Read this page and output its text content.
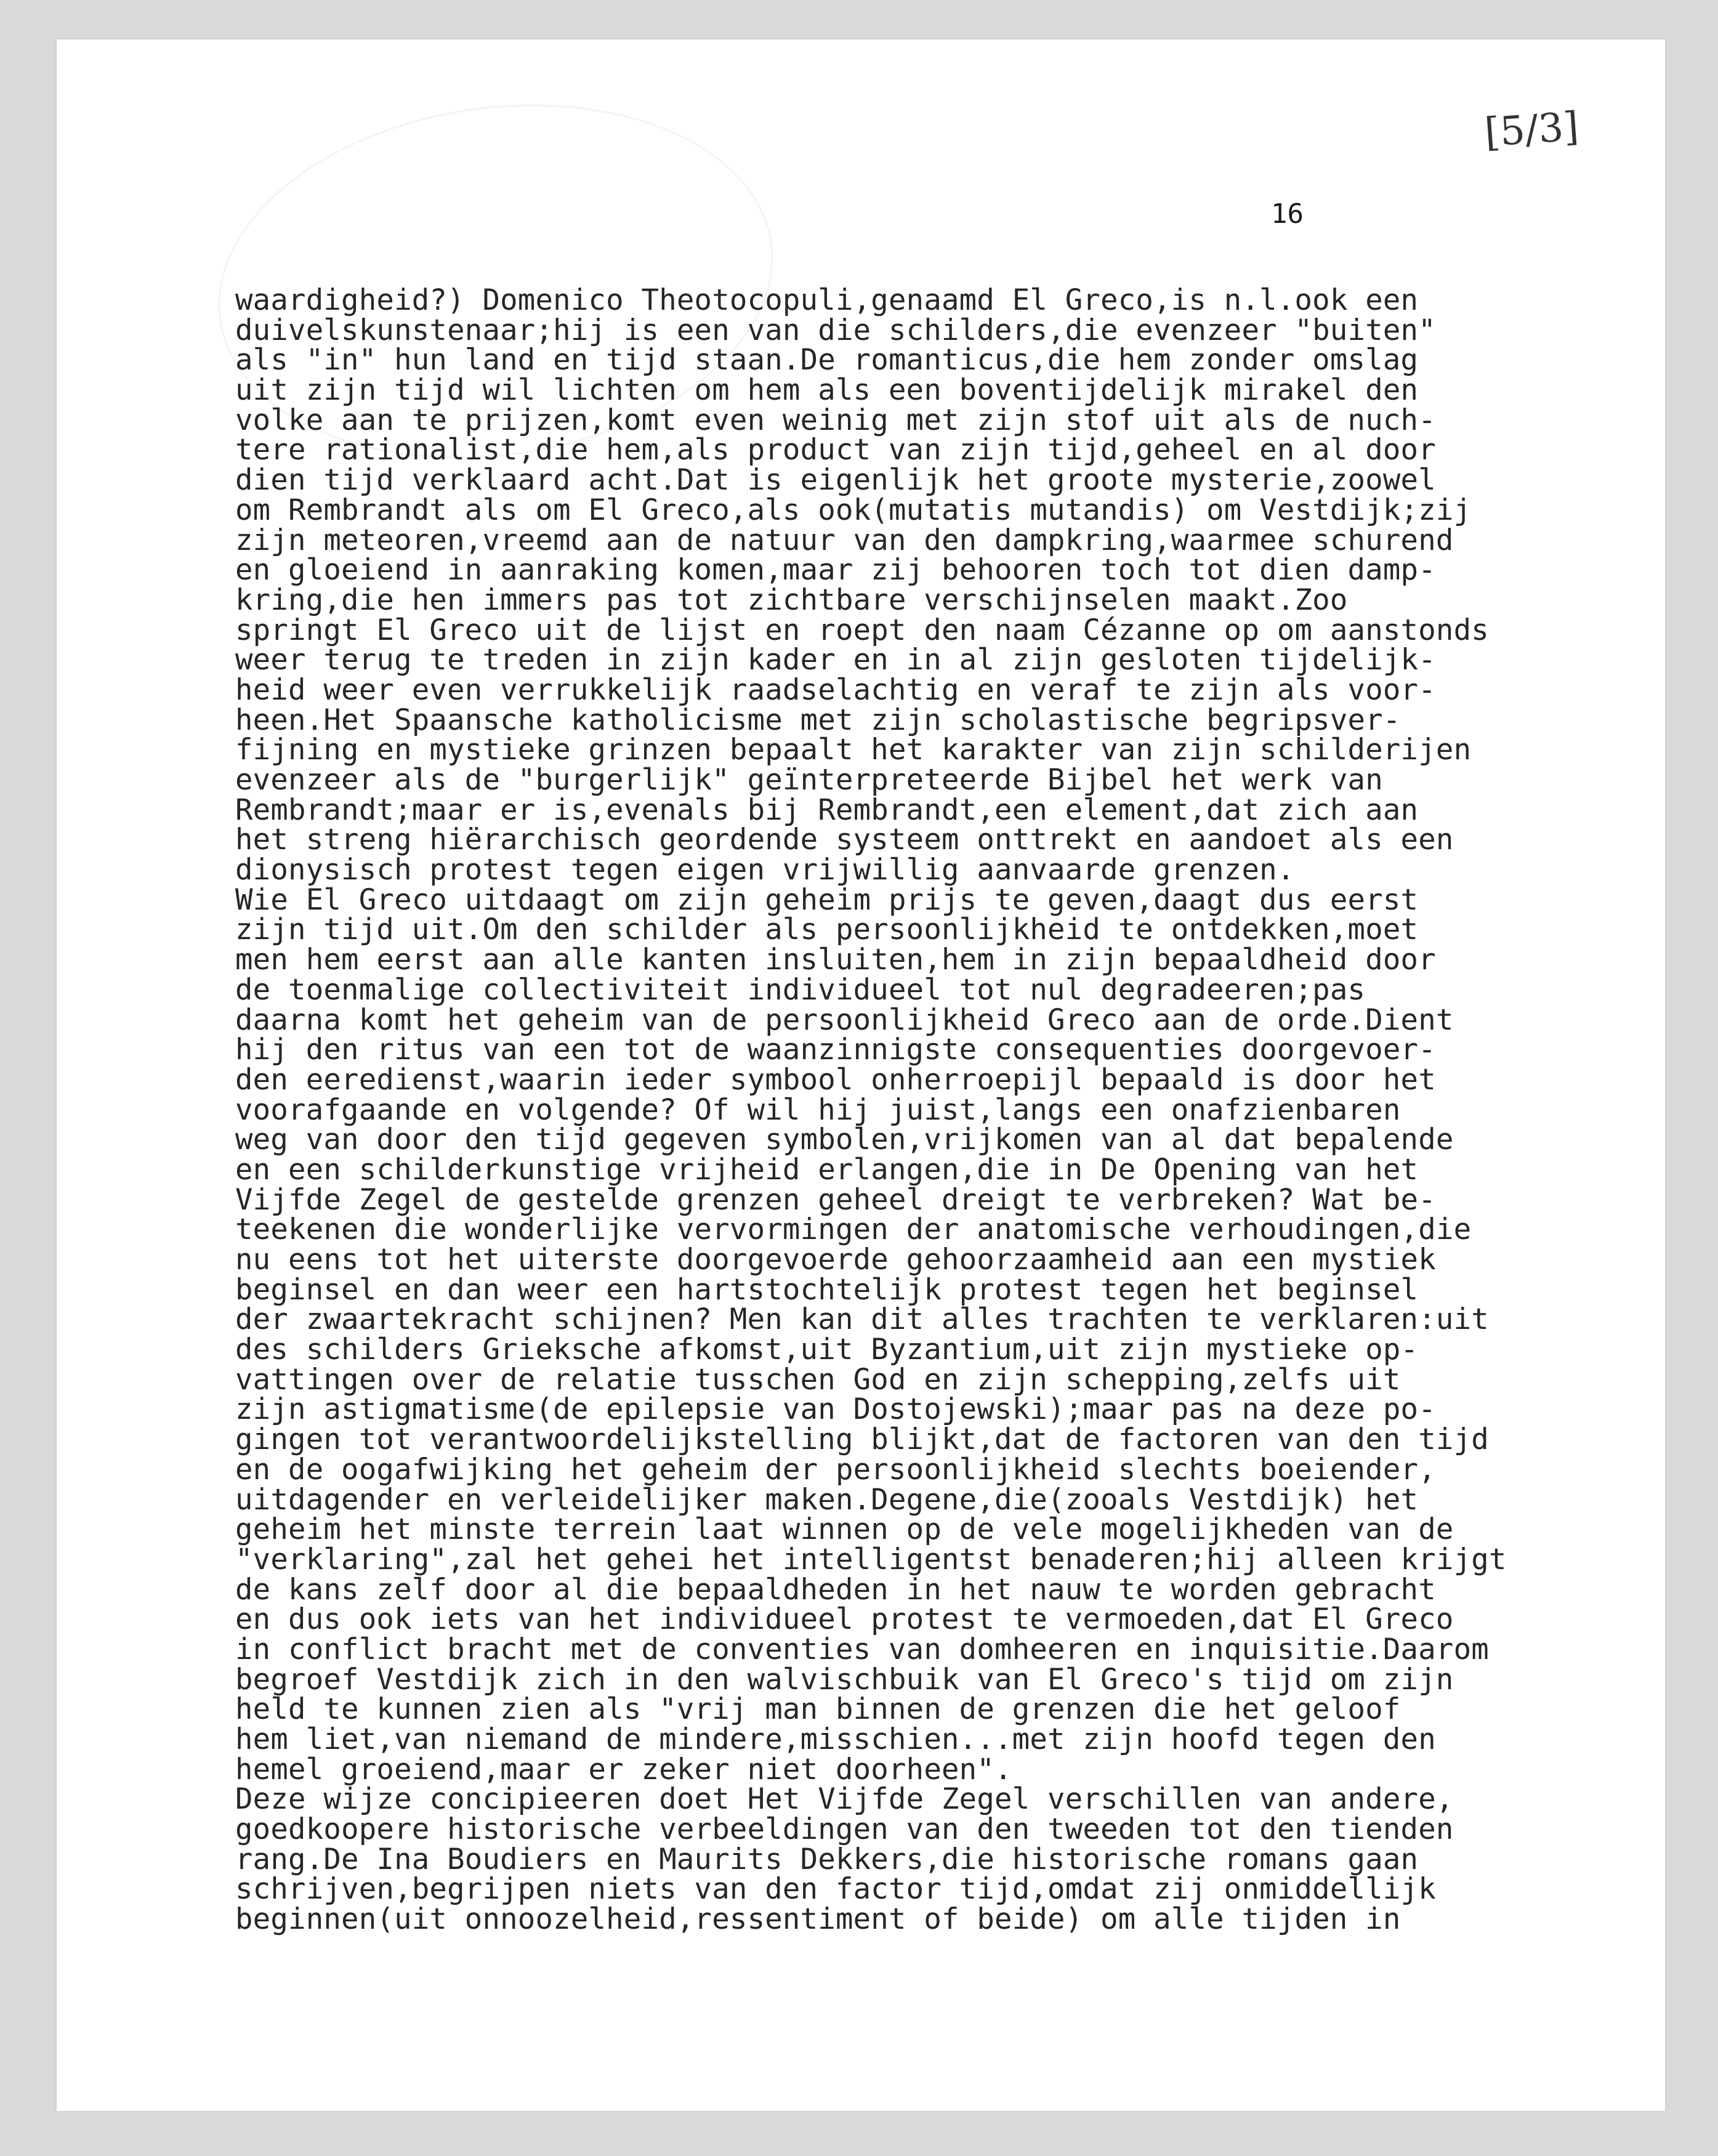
[5/3]
16
waardigheid?) Domenico Theotocopuli,genaamd El Greco,is n.l.ook een
duivelskunstenaar;hij is een van die schilders,die evenzeer "buiten"
als "in" hun land en tijd staan.De romanticus,die hem zonder omslag
uit zijn tijd wil lichten om hem als een boventijdelijk mirakel den
volke aan te prijzen,komt even weinig met zijn stof uit als de nuch-
tere rationalist,die hem,als product van zijn tijd,geheel en al door
dien tijd verklaard acht.Dat is eigenlijk het groote mysterie,zoowel
om Rembrandt als om El Greco,als ook(mutatis mutandis) om Vestdijk;zij
zijn meteoren,vreemd aan de natuur van den dampkring,waarmee schurend
en gloeiend in aanraking komen,maar zij behooren toch tot dien damp-
kring,die hen immers pas tot zichtbare verschijnselen maakt.Zoo
springt El Greco uit de lijst en roept den naam Cézanne op om aanstonds
weer terug te treden in zijn kader en in al zijn gesloten tijdelijk-
heid weer even verrukkelijk raadselachtig en veraf te zijn als voor-
heen.Het Spaansche katholicisme met zijn scholastische begripsver-
fijning en mystieke grinzen bepaalt het karakter van zijn schilderijen
evenzeer als de "burgerlijk" geïnterpreteerde Bijbel het werk van
Rembrandt;maar er is,evenals bij Rembrandt,een element,dat zich aan
het streng hiërarchisch geordende systeem onttrekt en aandoet als een
dionysisch protest tegen eigen vrijwillig aanvaarde grenzen.
Wie El Greco uitdaagt om zijn geheim prijs te geven,daagt dus eerst
zijn tijd uit.Om den schilder als persoonlijkheid te ontdekken,moet
men hem eerst aan alle kanten insluiten,hem in zijn bepaaldheid door
de toenmalige collectiviteit individueel tot nul degradeeren;pas
daarna komt het geheim van de persoonlijkheid Greco aan de orde.Dient
hij den ritus van een tot de waanzinnigste consequenties doorgevoer-
den eeredienst,waarin ieder symbool onherroepijl bepaald is door het
voorafgaande en volgende? Of wil hij juist,langs een onafzienbaren
weg van door den tijd gegeven symbolen,vrijkomen van al dat bepalende
en een schilderkunstige vrijheid erlangen,die in De Opening van het
Vijfde Zegel de gestelde grenzen geheel dreigt te verbreken? Wat be-
teekenen die wonderlijke vervormingen der anatomische verhoudingen,die
nu eens tot het uiterste doorgevoerde gehoorzaamheid aan een mystiek
beginsel en dan weer een hartstochtelijk protest tegen het beginsel
der zwaartekracht schijnen? Men kan dit alles trachten te verklaren:uit
des schilders Grieksche afkomst,uit Byzantium,uit zijn mystieke op-
vattingen over de relatie tusschen God en zijn schepping,zelfs uit
zijn astigmatisme(de epilepsie van Dostojewski);maar pas na deze po-
gingen tot verantwoordelijkstelling blijkt,dat de factoren van den tijd
en de oogafwijking het geheim der persoonlijkheid slechts boeiender,
uitdagender en verleidelijker maken.Degene,die(zooals Vestdijk) het
geheim het minste terrein laat winnen op de vele mogelijkheden van de
"verklaring",zal het gehei het intelligentst benaderen;hij alleen krijgt
de kans zelf door al die bepaaldheden in het nauw te worden gebracht
en dus ook iets van het individueel protest te vermoeden,dat El Greco
in conflict bracht met de conventies van domheeren en inquisitie.Daarom
begroef Vestdijk zich in den walvischbuik van El Greco's tijd om zijn
held te kunnen zien als "vrij man binnen de grenzen die het geloof
hem liet,van niemand de mindere,misschien...met zijn hoofd tegen den
hemel groeiend,maar er zeker niet doorheen".
Deze wijze concipieeren doet Het Vijfde Zegel verschillen van andere,
goedkoopere historische verbeeldingen van den tweeden tot den tienden
rang.De Ina Boudiers en Maurits Dekkers,die historische romans gaan
schrijven,begrijpen niets van den factor tijd,omdat zij onmiddellijk
beginnen(uit onnoozelheid,ressentiment of beide) om alle tijden in
